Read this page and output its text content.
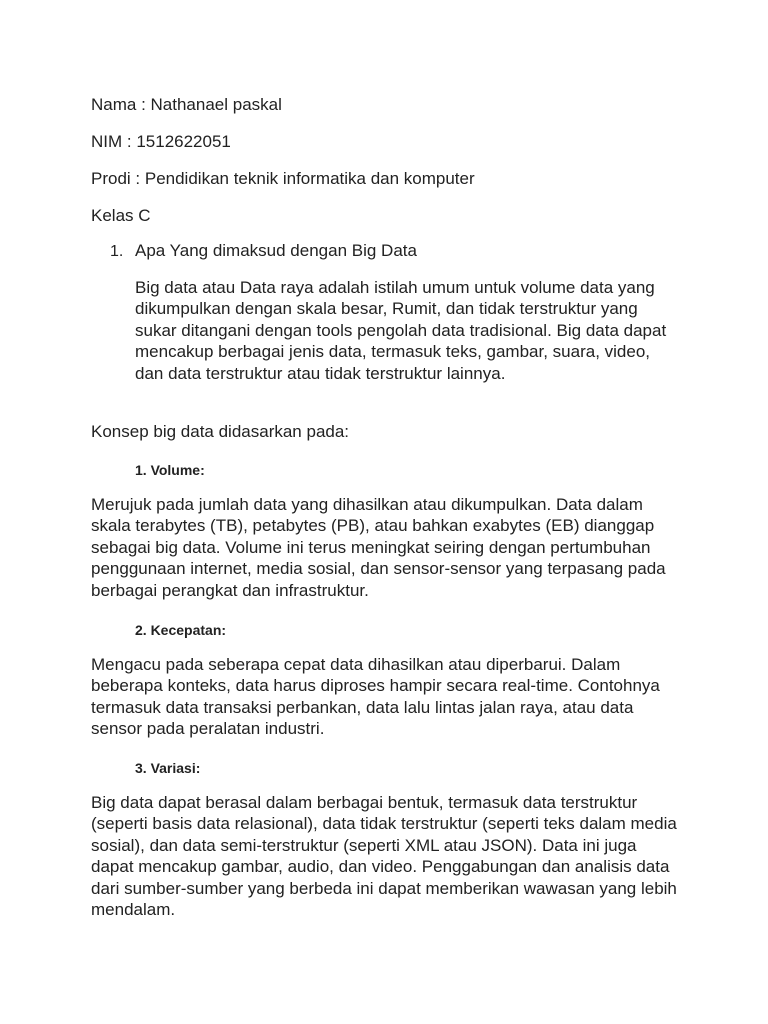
Nama : Nathanael paskal
NIM : 1512622051
Prodi : Pendidikan teknik informatika dan komputer
Kelas C
1. Apa Yang dimaksud dengan Big Data

Big data atau Data raya adalah istilah umum untuk volume data yang dikumpulkan dengan skala besar, Rumit, dan tidak terstruktur yang sukar ditangani dengan tools pengolah data tradisional. Big data dapat mencakup berbagai jenis data, termasuk teks, gambar, suara, video, dan data terstruktur atau tidak terstruktur lainnya.

Konsep big data didasarkan pada:
1. Volume:

Merujuk pada jumlah data yang dihasilkan atau dikumpulkan. Data dalam skala terabytes (TB), petabytes (PB), atau bahkan exabytes (EB) dianggap sebagai big data. Volume ini terus meningkat seiring dengan pertumbuhan penggunaan internet, media sosial, dan sensor-sensor yang terpasang pada berbagai perangkat dan infrastruktur.

2. Kecepatan:

Mengacu pada seberapa cepat data dihasilkan atau diperbarui. Dalam beberapa konteks, data harus diproses hampir secara real-time. Contohnya termasuk data transaksi perbankan, data lalu lintas jalan raya, atau data sensor pada peralatan industri.

3. Variasi:

Big data dapat berasal dalam berbagai bentuk, termasuk data terstruktur (seperti basis data relasional), data tidak terstruktur (seperti teks dalam media sosial), dan data semi-terstruktur (seperti XML atau JSON). Data ini juga dapat mencakup gambar, audio, dan video. Penggabungan dan analisis data dari sumber-sumber yang berbeda ini dapat memberikan wawasan yang lebih mendalam.
